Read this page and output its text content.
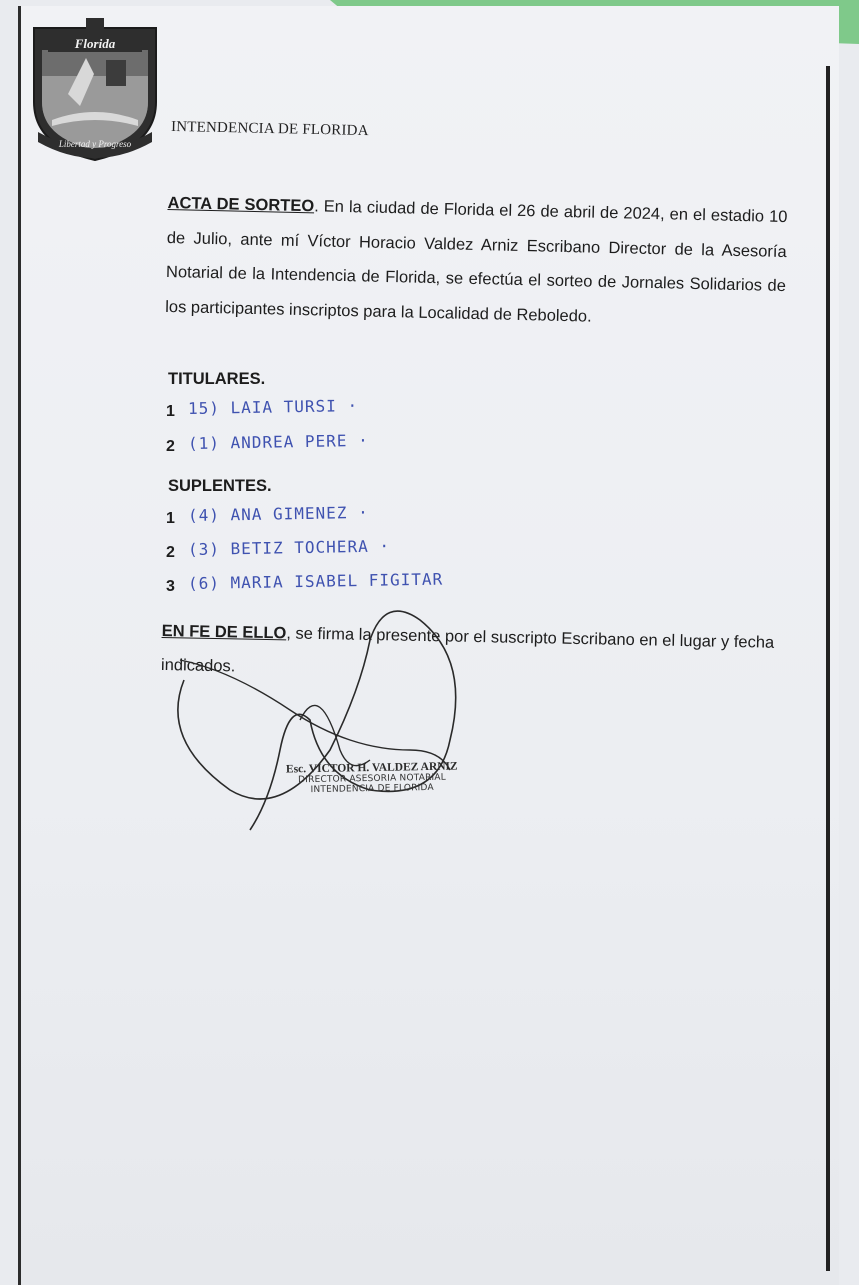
Florida
Libertad y Progreso
INTENDENCIA DE FLORIDA
ACTA DE SORTEO. En la ciudad de Florida el 26 de abril de 2024, en el estadio 10 de Julio, ante mí Víctor Horacio Valdez Arniz Escribano Director de la Asesoría Notarial de la Intendencia de Florida, se efectúa el sorteo de Jornales Solidarios de los participantes inscriptos para la Localidad de Reboledo.
TITULARES.
1 15) LAIA TURSI ·
2 (1) ANDREA PERE ·
SUPLENTES.
1 (4) ANA GIMENEZ ·
2 (3) BETIZ TOCHERA ·
3 (6) MARIA ISABEL FIGITAR
EN FE DE ELLO, se firma la presente por el suscripto Escribano en el lugar y fecha indicados.
Esc. VICTOR H. VALDEZ ARNIZ
DIRECTOR ASESORIA NOTARIAL
INTENDENCIA DE FLORIDA
